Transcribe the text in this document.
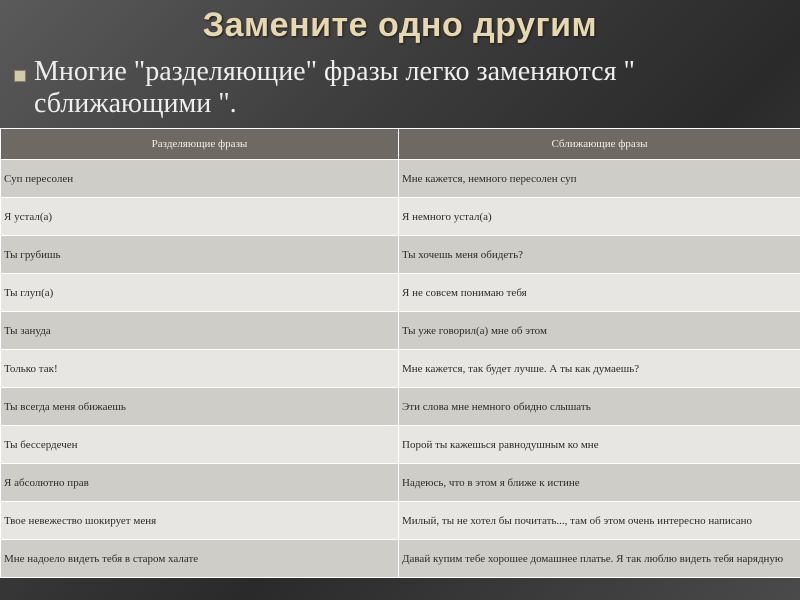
Замените одно другим
Многие "разделяющие" фразы легко заменяются " сближающими ".
Разделяющие фразы	Сближающие фразы
Суп пересолен	Мне кажется, немного пересолен суп
Я устал(а)	Я немного устал(а)
Ты грубишь	Ты хочешь меня обидеть?
Ты глуп(а)	Я не совсем понимаю тебя
Ты зануда	Ты уже говорил(а) мне об этом
Только так!	Мне кажется, так будет лучше. А ты как думаешь?
Ты всегда меня обижаешь	Эти слова мне немного обидно слышать
Ты бессердечен	Порой ты кажешься равнодушным ко мне
Я абсолютно прав	Надеюсь, что в этом я ближе к истине
Твое невежество шокирует меня	Милый, ты не хотел бы почитать..., там об этом очень интересно написано
Мне надоело видеть тебя в старом халате	Давай купим тебе хорошее домашнее платье. Я так люблю видеть тебя нарядную
